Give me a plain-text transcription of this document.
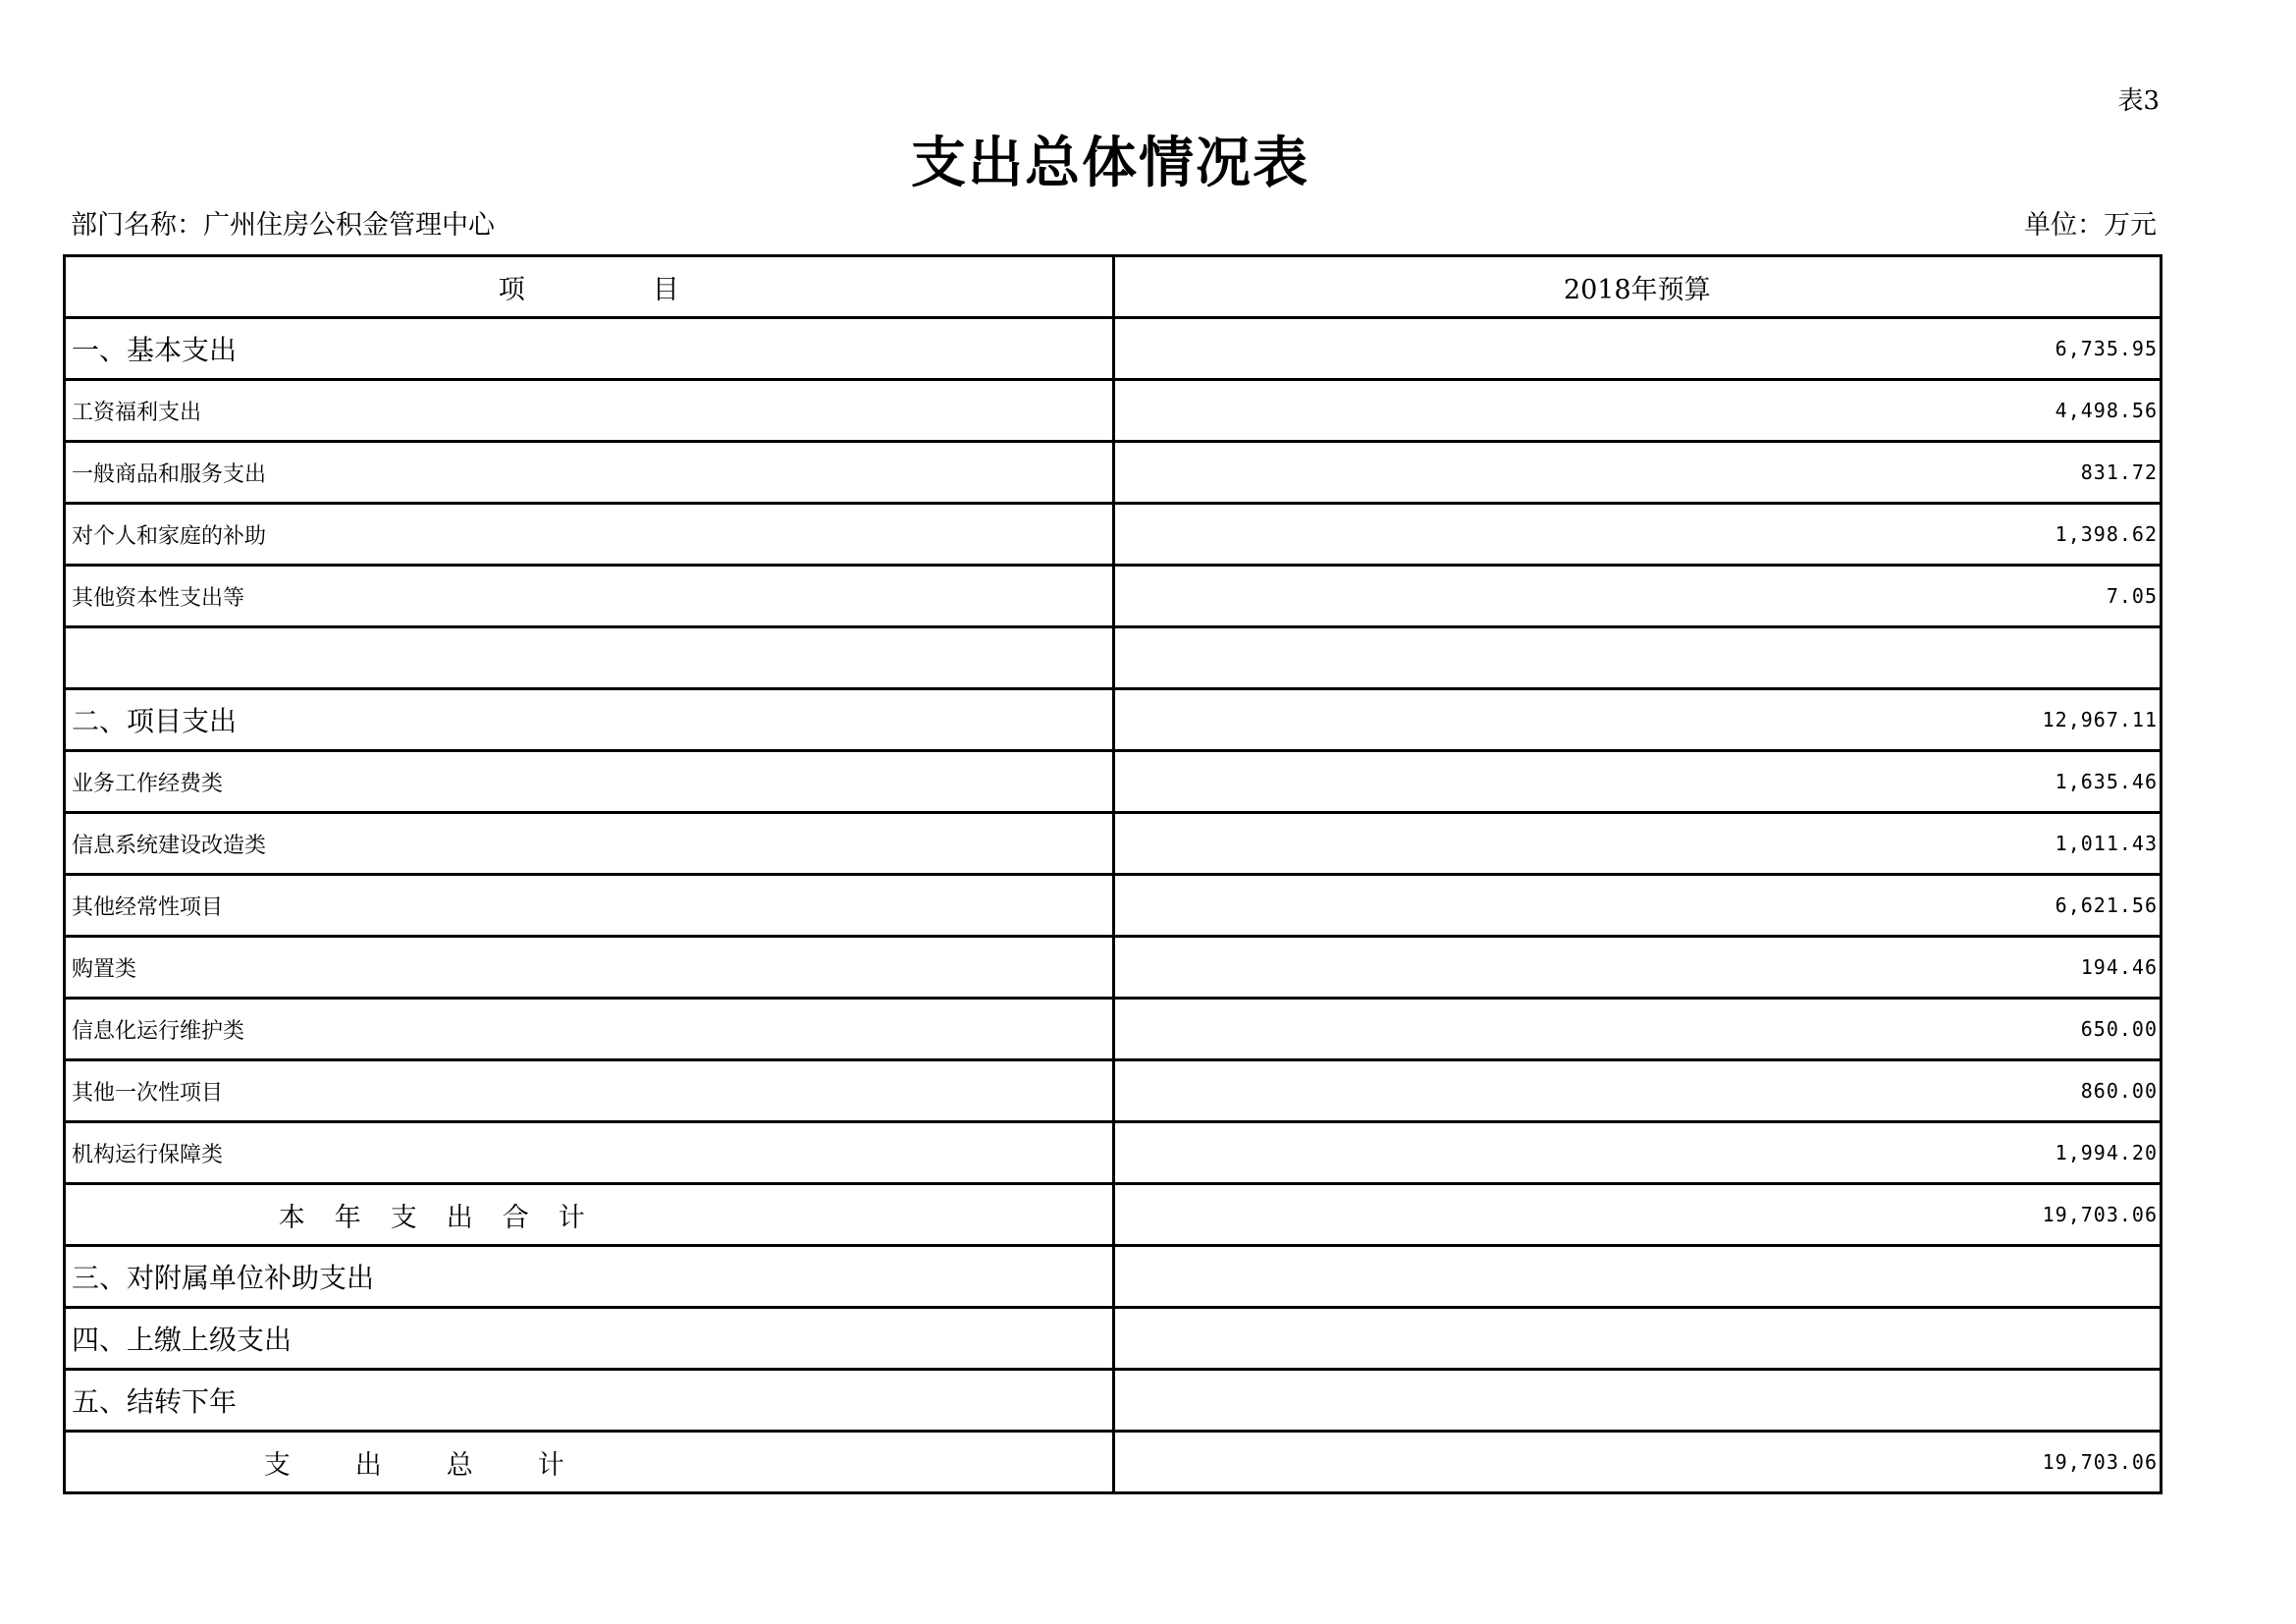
表3
支出总体情况表
部门名称：广州住房公积金管理中心	单位：万元
项目	2018年预算
一、基本支出	6,735.95
工资福利支出	4,498.56
一般商品和服务支出	831.72
对个人和家庭的补助	1,398.62
其他资本性支出等	7.05

二、项目支出	12,967.11
业务工作经费类	1,635.46
信息系统建设改造类	1,011.43
其他经常性项目	6,621.56
购置类	194.46
信息化运行维护类	650.00
其他一次性项目	860.00
机构运行保障类	1,994.20
本年支出合计	19,703.06
三、对附属单位补助支出	
四、上缴上级支出	
五、结转下年	
支出总计	19,703.06
